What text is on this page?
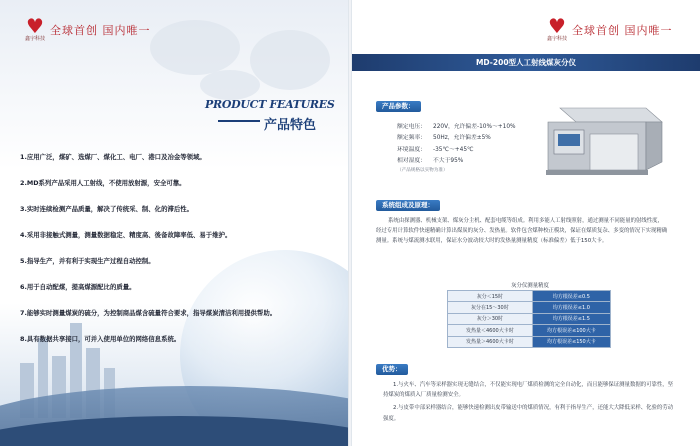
♥
鑫宇科技
全球首创 国内唯一
PRODUCT FEATURES
产品特色
1.应用广泛，煤矿、选煤厂、煤化工、电厂、港口及冶金等领域。
2.MD系列产品采用人工射线，不使用放射源，安全可靠。
3.实时连续检测产品质量，解决了传统采、制、化的滞后性。
4.采用非接触式测量，测量数据稳定、精度高、後备故障率低、易于维护。
5.指导生产，并有利于实现生产过程自动控制。
6.用于自动配煤，提高煤源配比的质量。
7.能够实时测量煤炭的硫分，为控制商品煤含硫量符合要求，指导煤炭清洁利用提供帮助。
8.具有数据共享接口，可并入使用单位的网络信息系统。
♥
鑫宇科技
全球首创 国内唯一
MD-200型人工射线煤灰分仪
产品参数：
额定电压： 220V，允许偏差-10%～+10%
额定频率： 50Hz，允许偏差±5%
环境温度： -35℃～+45℃
相对湿度： 不大于95%
（产品规格以实物为准）
系统组成及原理：
系统由探测器、机械支架、煤灰分主机、配套电缆等组成。利用多能人工射线照射，通过测量不同能量的射线性度，经过专用计算软件快速精确计算出煤炭的灰分、发热量。软件包含煤种校正模块，保证在煤质复杂、多变的情况下实现精确测量。系统与煤流测水联用，保证水分波动较大时的发热量测量精度（标准偏差）低于150大卡。
灰分仪测量精度
灰分＜15时	均方根误差≤0.5
灰分在15～30时	均方根误差≤1.0
灰分＞30时	均方根误差≤1.5
发热量＜4600大卡时	均方根误差≤100大卡
发热量＞4600大卡时	均方根误差≤150大卡
优势：
1.与火车、汽车等采样器实现无缝结合，不仅能实现电厂煤质检测的完全自动化，而且能够保证测量数据的可靠性，坚持煤炭的煤质入厂质量检测安全。
2.与皮带中部采样器结合，能够快速检测出皮带输送中的煤质情况，有利于指导生产，还能大大降低采样、化验的劳动强度。
